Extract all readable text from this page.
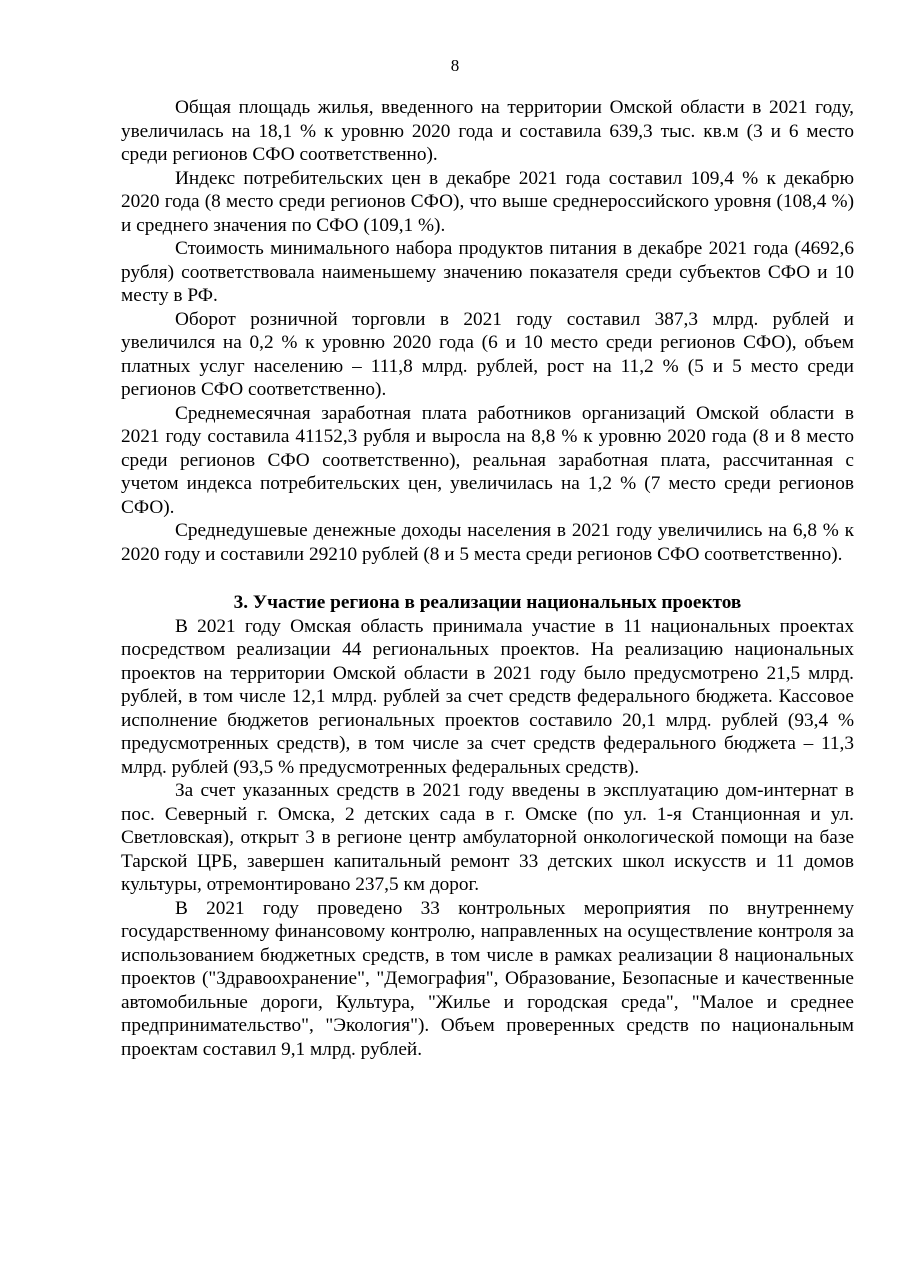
8

Общая площадь жилья, введенного на территории Омской области в 2021 году, увеличилась на 18,1 % к уровню 2020 года и составила 639,3 тыс. кв.м (3 и 6 место среди регионов СФО соответственно).

Индекс потребительских цен в декабре 2021 года составил 109,4 % к декабрю 2020 года (8 место среди регионов СФО), что выше среднероссийского уровня (108,4 %) и среднего значения по СФО (109,1 %).

Стоимость минимального набора продуктов питания в декабре 2021 года (4692,6 рубля) соответствовала наименьшему значению показателя среди субъектов СФО и 10 месту в РФ.

Оборот розничной торговли в 2021 году составил 387,3 млрд. рублей и увеличился на 0,2 % к уровню 2020 года (6 и 10 место среди регионов СФО), объем платных услуг населению – 111,8 млрд. рублей, рост на 11,2 % (5 и 5 место среди регионов СФО соответственно).

Среднемесячная заработная плата работников организаций Омской области в 2021 году составила 41152,3 рубля и выросла на 8,8 % к уровню 2020 года (8 и 8 место среди регионов СФО соответственно), реальная заработная плата, рассчитанная с учетом индекса потребительских цен, увеличилась на 1,2 % (7 место среди регионов СФО).

Среднедушевые денежные доходы населения в 2021 году увеличились на 6,8 % к 2020 году и составили 29210 рублей (8 и 5 места среди регионов СФО соответственно).

3. Участие региона в реализации национальных проектов

В 2021 году Омская область принимала участие в 11 национальных проектах посредством реализации 44 региональных проектов. На реализацию национальных проектов на территории Омской области в 2021 году было предусмотрено 21,5 млрд. рублей, в том числе 12,1 млрд. рублей за счет средств федерального бюджета. Кассовое исполнение бюджетов региональных проектов составило 20,1 млрд. рублей (93,4 % предусмотренных средств), в том числе за счет средств федерального бюджета – 11,3 млрд. рублей (93,5 % предусмотренных федеральных средств).

За счет указанных средств в 2021 году введены в эксплуатацию дом-интернат в пос. Северный г. Омска, 2 детских сада в г. Омске (по ул. 1-я Станционная и ул. Светловская), открыт 3 в регионе центр амбулаторной онкологической помощи на базе Тарской ЦРБ, завершен капитальный ремонт 33 детских школ искусств и 11 домов культуры, отремонтировано 237,5 км дорог.

В 2021 году проведено 33 контрольных мероприятия по внутреннему государственному финансовому контролю, направленных на осуществление контроля за использованием бюджетных средств, в том числе в рамках реализации 8 национальных проектов ("Здравоохранение", "Демография", Образование, Безопасные и качественные автомобильные дороги, Культура, "Жилье и городская среда", "Малое и среднее предпринимательство", "Экология"). Объем проверенных средств по национальным проектам составил 9,1 млрд. рублей.
